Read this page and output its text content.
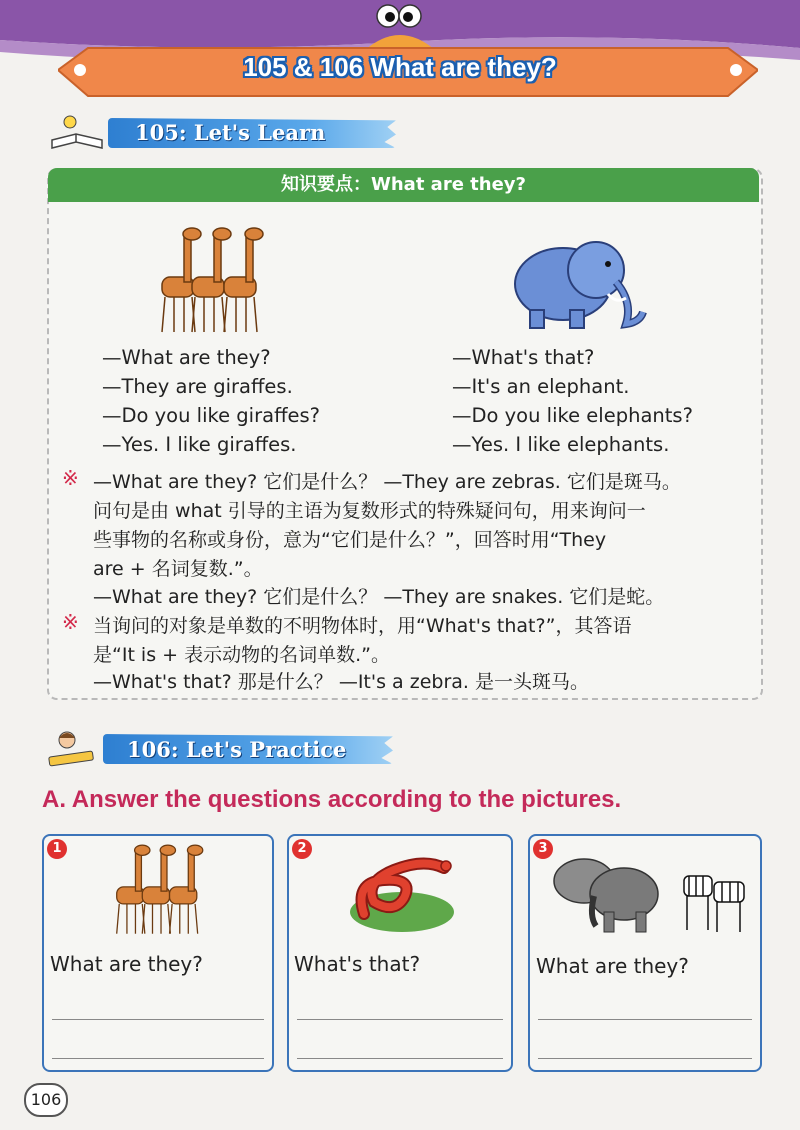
105 & 106 What are they?
105: Let's Learn
知识要点：What are they?
—What are they?
—They are giraffes.
—Do you like giraffes?
—Yes. I like giraffes.
—What's that?
—It's an elephant.
—Do you like elephants?
—Yes. I like elephants.
※ —What are they? 它们是什么？ —They are zebras. 它们是斑马。
问句是由 what 引导的主语为复数形式的特殊疑问句，用来询问一
些事物的名称或身份，意为“它们是什么？”，回答时用“They
are + 名词复数.”。
—What are they? 它们是什么？ —They are snakes. 它们是蛇。
※ 当询问的对象是单数的不明物体时，用“What's that?”，其答语
是“It is + 表示动物的名词单数.”。
—What's that? 那是什么？ —It's a zebra. 是一头斑马。
106: Let's Practice
A. Answer the questions according to the pictures.
1
What are they?
2
What's that?
3
What are they?
106
